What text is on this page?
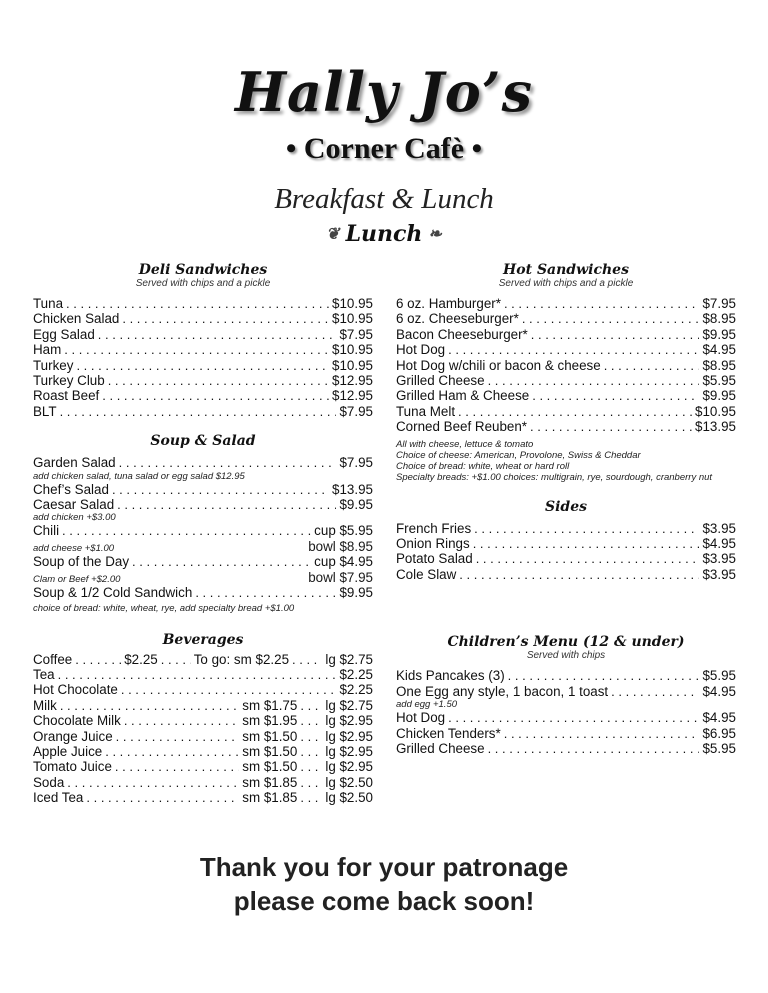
Hally Jo’s
• Corner Cafè •
Breakfast & Lunch
❦ Lunch ❧
Deli Sandwiches
Served with chips and a pickle
Tuna . . .	$10.95
Chicken Salad . . .	$10.95
Egg Salad . . .	$7.95
Ham . . .	$10.95
Turkey . . .	$10.95
Turkey Club . . .	$12.95
Roast Beef . . .	$12.95
BLT . . .	$7.95
Soup & Salad
Garden Salad . . .	$7.95
add chicken salad, tuna salad or egg salad $12.95
Chef’s Salad . . .	$13.95
Caesar Salad . . .	$9.95
add chicken +$3.00
Chili . . .	cup $5.95
add cheese +$1.00	bowl $8.95
Soup of the Day . . .	cup $4.95
Clam or Beef +$2.00	bowl $7.95
Soup & 1/2 Cold Sandwich . . .	$9.95
choice of bread: white, wheat, rye, add specialty bread +$1.00
Beverages
Coffee . . .	$2.25 . . .	To go: sm $2.25 . . .	lg $2.75
Tea . . .	$2.25
Hot Chocolate . . .	$2.25
Milk . . .	sm $1.75 . . . lg $2.75
Chocolate Milk . . .	sm $1.95 . . . lg $2.95
Orange Juice . . .	sm $1.50 . . . lg $2.95
Apple Juice . . .	sm $1.50 . . . lg $2.95
Tomato Juice . . .	sm $1.50 . . . lg $2.95
Soda . . .	sm $1.85 . . . lg $2.50
Iced Tea . . .	sm $1.85 . . . lg $2.50
Hot Sandwiches
Served with chips and a pickle
6 oz. Hamburger* . . .	$7.95
6 oz. Cheeseburger* . . .	$8.95
Bacon Cheeseburger* . . .	$9.95
Hot Dog . . .	$4.95
Hot Dog w/chili or bacon & cheese . . .	$8.95
Grilled Cheese . . .	$5.95
Grilled Ham & Cheese . . .	$9.95
Tuna Melt . . .	$10.95
Corned Beef Reuben* . . .	$13.95
All with cheese, lettuce & tomato
Choice of cheese: American, Provolone, Swiss & Cheddar
Choice of bread: white, wheat or hard roll
Specialty breads: +$1.00 choices: multigrain, rye, sourdough, cranberry nut
Sides
French Fries . . .	$3.95
Onion Rings . . .	$4.95
Potato Salad . . .	$3.95
Cole Slaw . . .	$3.95
Children’s Menu (12 & under)
Served with chips
Kids Pancakes (3) . . .	$5.95
One Egg any style, 1 bacon, 1 toast . . .	$4.95
add egg +1.50
Hot Dog . . .	$4.95
Chicken Tenders* . . .	$6.95
Grilled Cheese . . .	$5.95
Thank you for your patronage
please come back soon!
